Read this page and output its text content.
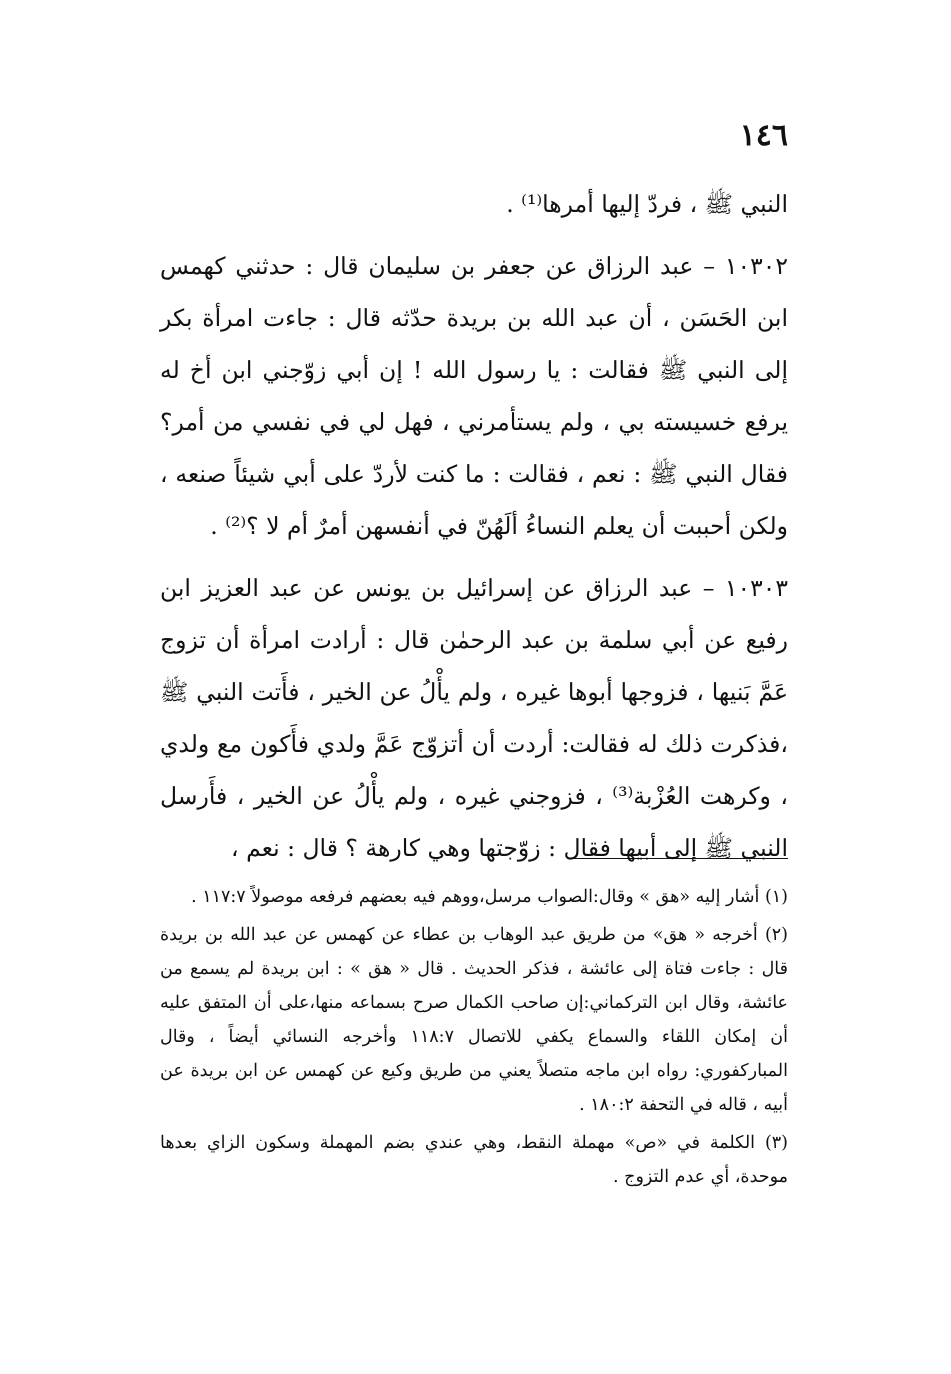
١٤٦

النبي ﷺ ، فردّ إليها أمرها⁽¹⁾ .

١٠٣٠٢ – عبد الرزاق عن جعفر بن سليمان قال : حدثني كهمس ابن الحَسَن ، أن عبد الله بن بريدة حدّثه قال : جاءت امرأة بكر إلى النبي ﷺ فقالت : يا رسول الله ! إن أبي زوّجني ابن أخ له يرفع خسيسته بي ، ولم يستأمرني ، فهل لي في نفسي من أمر؟ فقال النبي ﷺ : نعم ، فقالت : ما كنت لأردّ على أبي شيئاً صنعه ، ولكن أحببت أن يعلم النساءُ ألَهُنّ في أنفسهن أمرٌ أم لا ؟⁽²⁾ .

١٠٣٠٣ – عبد الرزاق عن إسرائيل بن يونس عن عبد العزيز ابن رفيع عن أبي سلمة بن عبد الرحمٰن قال : أرادت امرأة أن تزوج عَمَّ بَنيها ، فزوجها أبوها غيره ، ولم يأْلُ عن الخير ، فأَتت النبي ﷺ ،فذكرت ذلك له فقالت: أردت أن أتزوّج عَمَّ ولدي فأَكون مع ولدي ، وكرهت العُزْبة⁽³⁾ ، فزوجني غيره ، ولم يأْلُ عن الخير ، فأَرسل النبي ﷺ إلى أبيها فقال : زوّجتها وهي كارهة ؟ قال : نعم ،

(١) أشار إليه «هق » وقال:الصواب مرسل،ووهم فيه بعضهم فرفعه موصولاً ١١٧:٧ .

(٢) أخرجه « هق» من طريق عبد الوهاب بن عطاء عن كهمس عن عبد الله بن بريدة قال : جاءت فتاة إلى عائشة ، فذكر الحديث . قال « هق » : ابن بريدة لم يسمع من عائشة، وقال ابن التركماني:إن صاحب الكمال صرح بسماعه منها،على أن المتفق عليه أن إمكان اللقاء والسماع يكفي للاتصال ١١٨:٧ وأخرجه النسائي أيضاً ، وقال المباركفوري: رواه ابن ماجه متصلاً يعني من طريق وكيع عن كهمس عن ابن بريدة عن أبيه ، قاله في التحفة ١٨٠:٢ .

(٣) الكلمة في «ص» مهملة النقط، وهي عندي بضم المهملة وسكون الزاي بعدها موحدة، أي عدم التزوج .
